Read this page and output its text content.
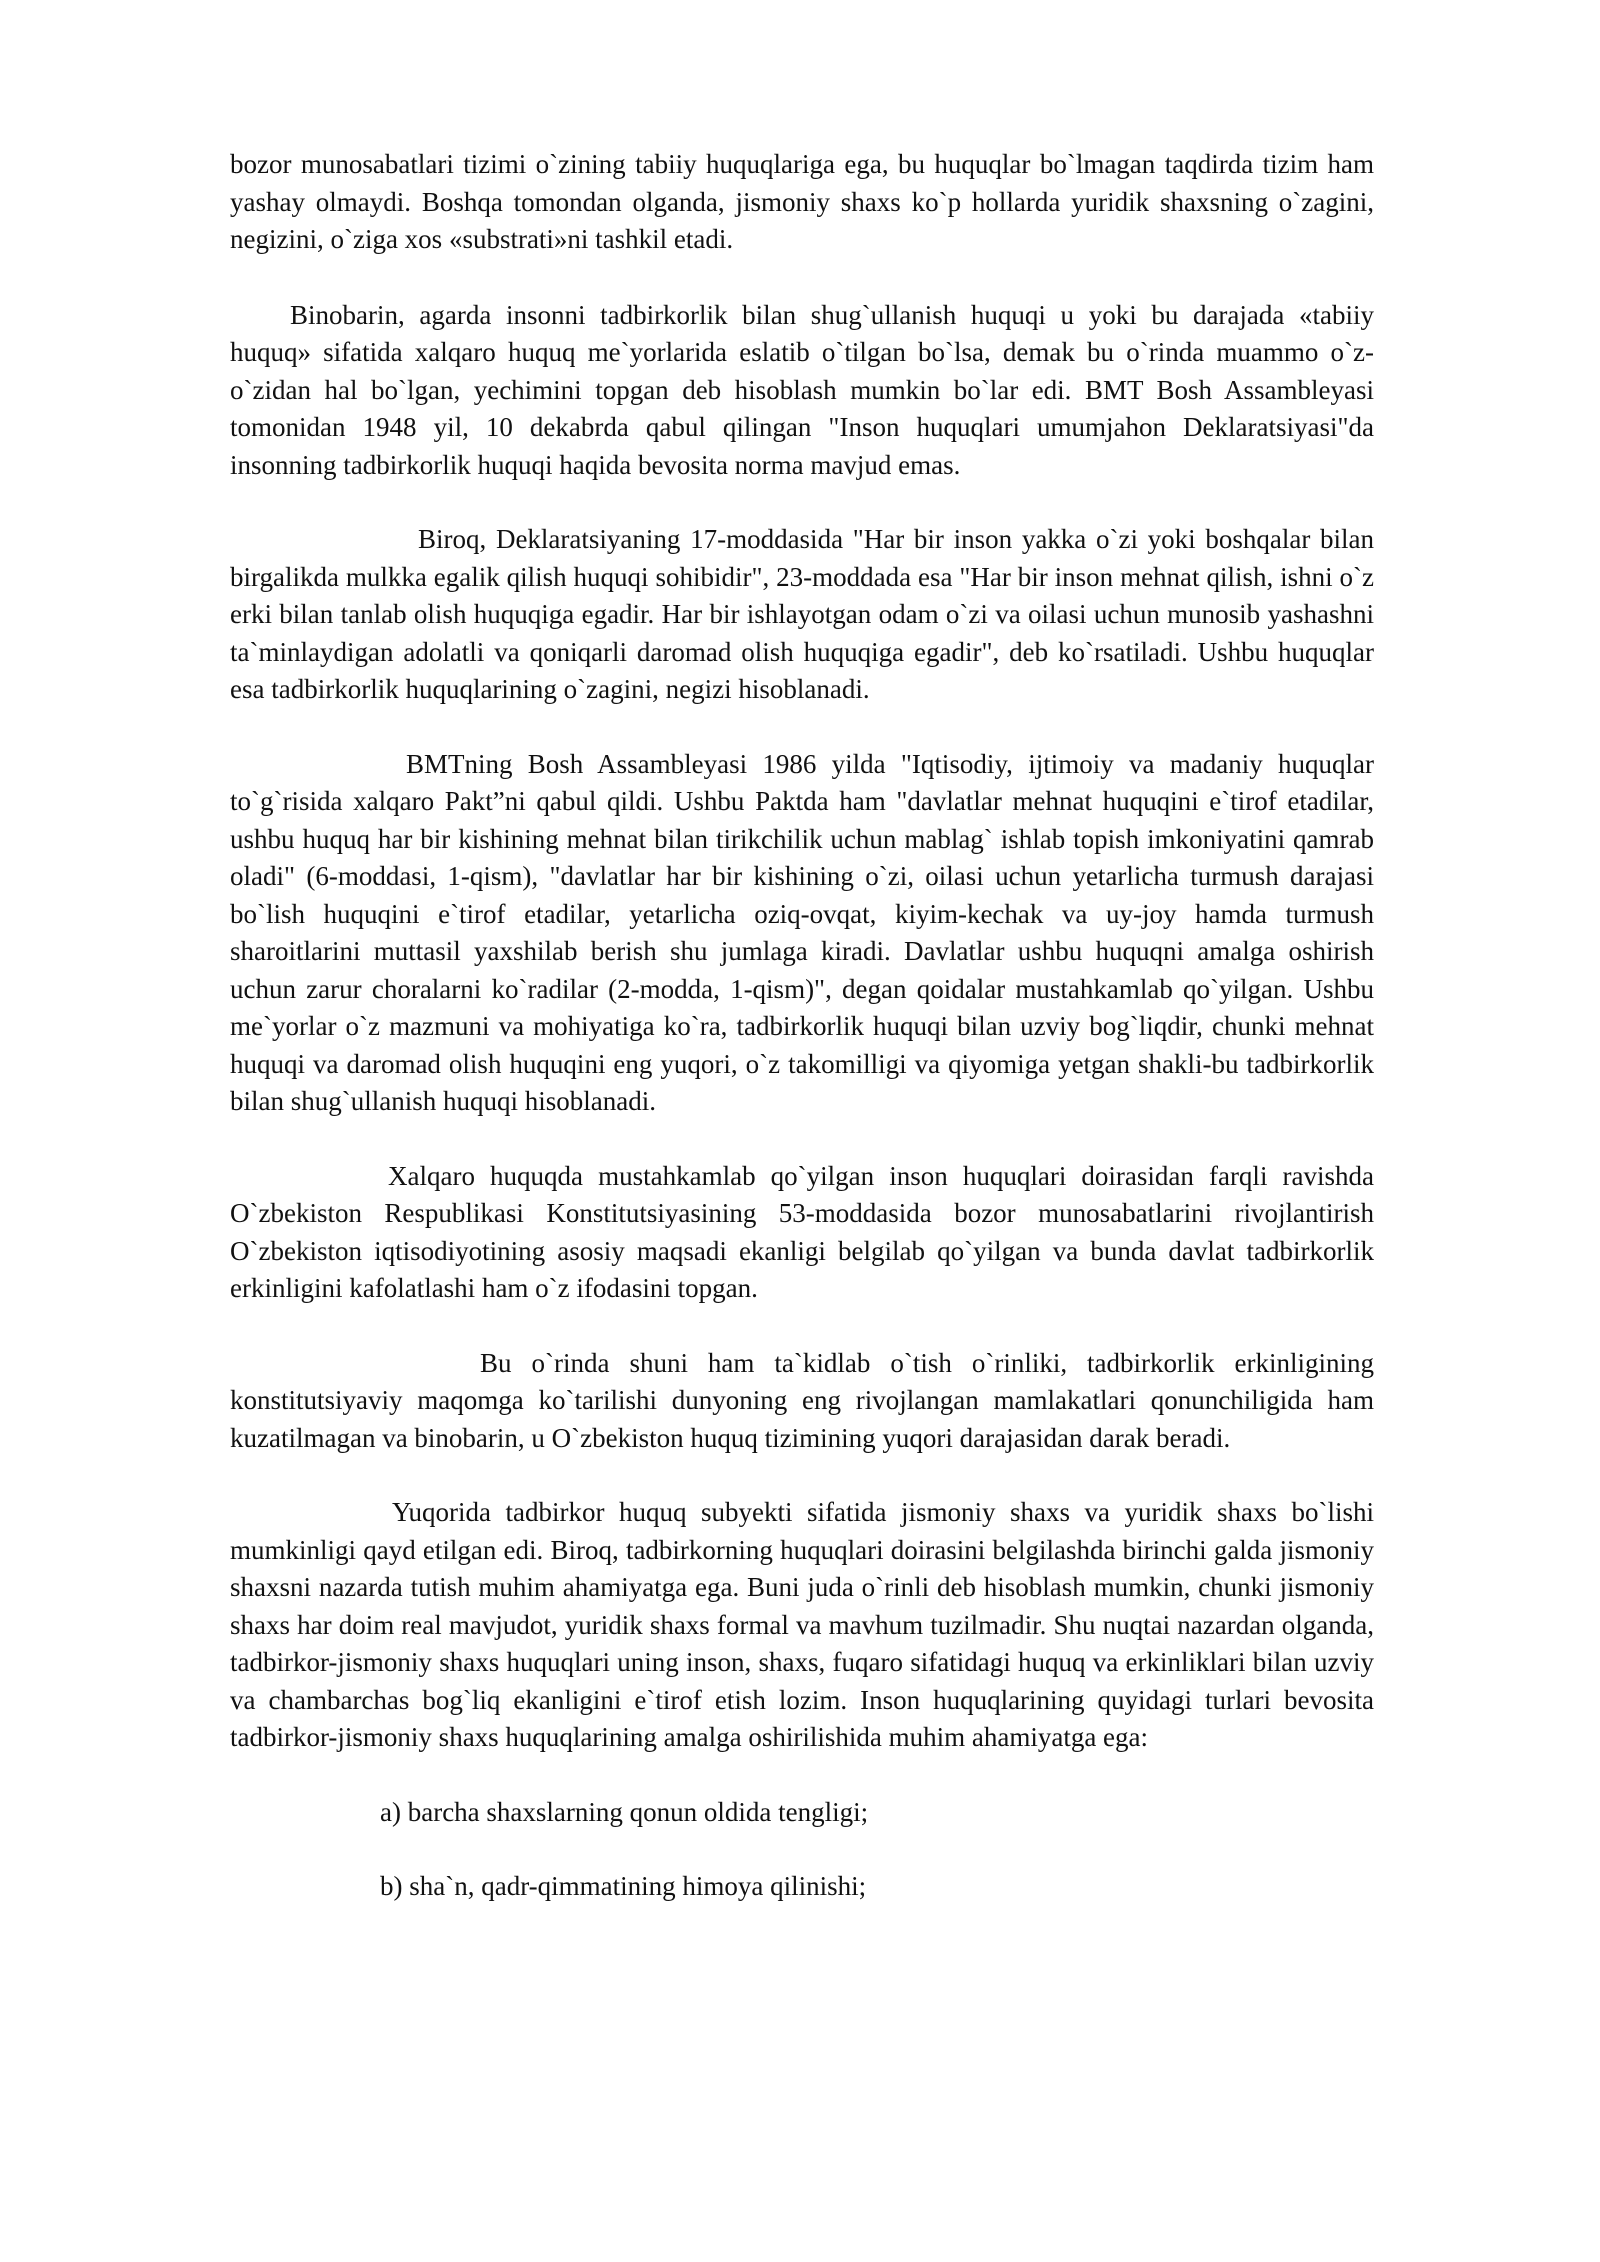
bozor munosabatlari tizimi o`zining tabiiy huquqlariga ega, bu huquqlar bo`lmagan taqdirda tizim ham yashay olmaydi. Boshqa tomondan olganda, jismoniy shaxs ko`p hollarda yuridik shaxsning o`zagini, negizini, o`ziga xos «substrati»ni tashkil etadi.

Binobarin, agarda insonni tadbirkorlik bilan shug`ullanish huquqi u yoki bu darajada «tabiiy huquq» sifatida xalqaro huquq me`yorlarida eslatib o`tilgan bo`lsa, demak bu o`rinda muammo o`z-o`zidan hal bo`lgan, yechimini topgan deb hisoblash mumkin bo`lar edi. BMT Bosh Assambleyasi tomonidan 1948 yil, 10 dekabrda qabul qilingan "Inson huquqlari umumjahon Deklaratsiyasi"da insonning tadbirkorlik huquqi haqida bevosita norma mavjud emas.

Biroq, Deklaratsiyaning 17-moddasida "Har bir inson yakka o`zi yoki boshqalar bilan birgalikda mulkka egalik qilish huquqi sohibidir", 23-moddada esa "Har bir inson mehnat qilish, ishni o`z erki bilan tanlab olish huquqiga egadir. Har bir ishlayotgan odam o`zi va oilasi uchun munosib yashashni ta`minlaydigan adolatli va qoniqarli daromad olish huquqiga egadir", deb ko`rsatiladi. Ushbu huquqlar esa tadbirkorlik huquqlarining o`zagini, negizi hisoblanadi.

BMTning Bosh Assambleyasi 1986 yilda "Iqtisodiy, ijtimoiy va madaniy huquqlar to`g`risida xalqaro Pakt”ni qabul qildi. Ushbu Paktda ham "davlatlar mehnat huquqini e`tirof etadilar, ushbu huquq har bir kishining mehnat bilan tirikchilik uchun mablag` ishlab topish imkoniyatini qamrab oladi" (6-moddasi, 1-qism), "davlatlar har bir kishining o`zi, oilasi uchun yetarlicha turmush darajasi bo`lish huquqini e`tirof etadilar, yetarlicha oziq-ovqat, kiyim-kechak va uy-joy hamda turmush sharoitlarini muttasil yaxshilab berish shu jumlaga kiradi. Davlatlar ushbu huquqni amalga oshirish uchun zarur choralarni ko`radilar (2-modda, 1-qism)", degan qoidalar mustahkamlab qo`yilgan. Ushbu me`yorlar o`z mazmuni va mohiyatiga ko`ra, tadbirkorlik huquqi bilan uzviy bog`liqdir, chunki mehnat huquqi va daromad olish huquqini eng yuqori, o`z takomilligi va qiyomiga yetgan shakli-bu tadbirkorlik bilan shug`ullanish huquqi hisoblanadi.

Xalqaro huquqda mustahkamlab qo`yilgan inson huquqlari doirasidan farqli ravishda O`zbekiston Respublikasi Konstitutsiyasining 53-moddasida bozor munosabatlarini rivojlantirish O`zbekiston iqtisodiyotining asosiy maqsadi ekanligi belgilab qo`yilgan va bunda davlat tadbirkorlik erkinligini kafolatlashi ham o`z ifodasini topgan.

Bu o`rinda shuni ham ta`kidlab o`tish o`rinliki, tadbirkorlik erkinligining konstitutsiyaviy maqomga ko`tarilishi dunyoning eng rivojlangan mamlakatlari qonunchiligida ham kuzatilmagan va binobarin, u O`zbekiston huquq tizimining yuqori darajasidan darak beradi.

Yuqorida tadbirkor huquq subyekti sifatida jismoniy shaxs va yuridik shaxs bo`lishi mumkinligi qayd etilgan edi. Biroq, tadbirkorning huquqlari doirasini belgilashda birinchi galda jismoniy shaxsni nazarda tutish muhim ahamiyatga ega. Buni juda o`rinli deb hisoblash mumkin, chunki jismoniy shaxs har doim real mavjudot, yuridik shaxs formal va mavhum tuzilmadir. Shu nuqtai nazardan olganda, tadbirkor-jismoniy shaxs huquqlari uning inson, shaxs, fuqaro sifatidagi huquq va erkinliklari bilan uzviy va chambarchas bog`liq ekanligini e`tirof etish lozim. Inson huquqlarining quyidagi turlari bevosita tadbirkor-jismoniy shaxs huquqlarining amalga oshirilishida muhim ahamiyatga ega:

a) barcha shaxslarning qonun oldida tengligi;

b) sha`n, qadr-qimmatining himoya qilinishi;
